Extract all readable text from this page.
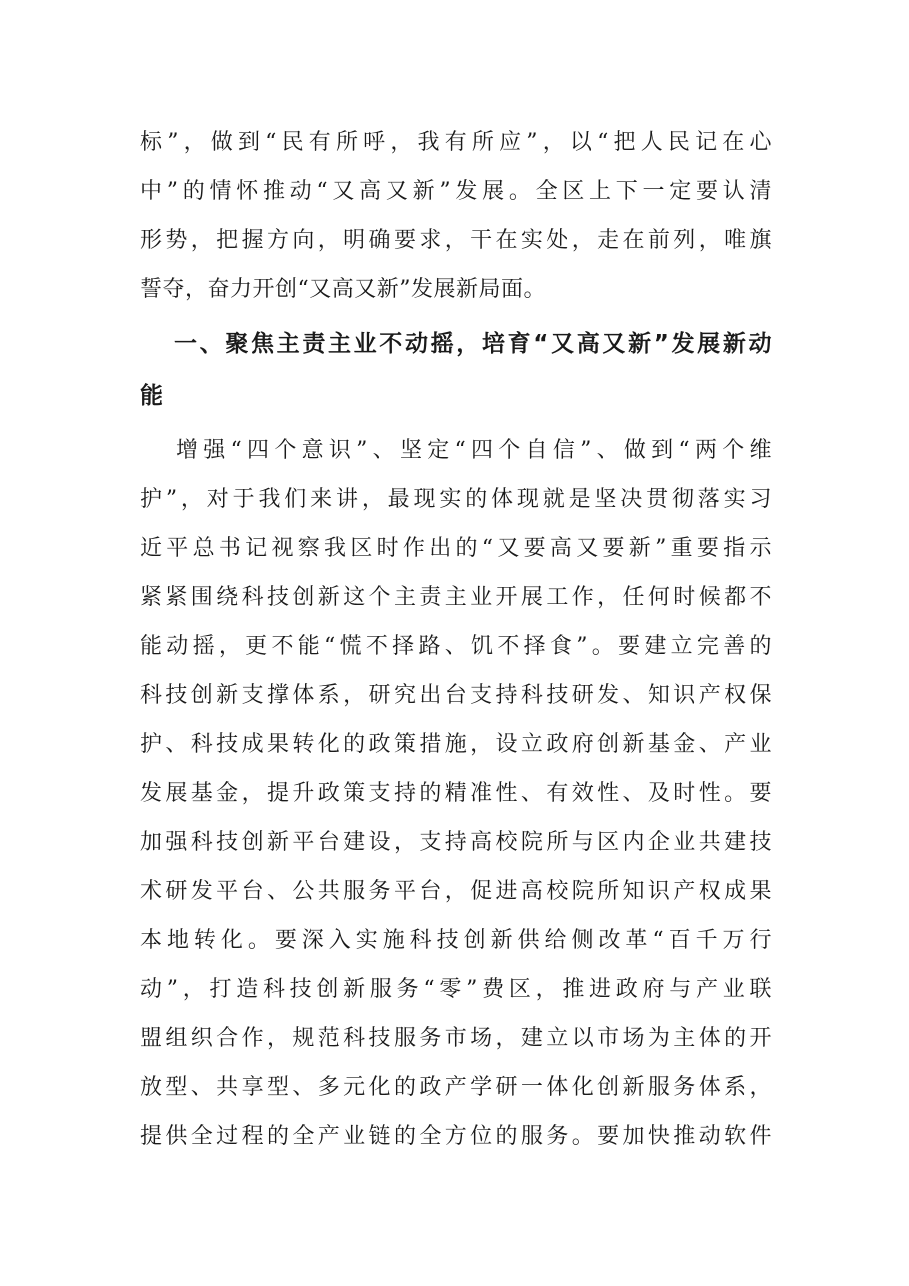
标”，做到“民有所呼，我有所应”，以“把人民记在心
中”的情怀推动“又高又新”发展。全区上下一定要认清
形势，把握方向，明确要求，干在实处，走在前列，唯旗
誓夺，奋力开创“又高又新”发展新局面。
一、聚焦主责主业不动摇，培育“又高又新”发展新动
能
增强“四个意识”、坚定“四个自信”、做到“两个维
护”，对于我们来讲，最现实的体现就是坚决贯彻落实习
近平总书记视察我区时作出的“又要高又要新”重要指示
紧紧围绕科技创新这个主责主业开展工作，任何时候都不
能动摇，更不能“慌不择路、饥不择食”。要建立完善的
科技创新支撑体系，研究出台支持科技研发、知识产权保
护、科技成果转化的政策措施，设立政府创新基金、产业
发展基金，提升政策支持的精准性、有效性、及时性。要
加强科技创新平台建设，支持高校院所与区内企业共建技
术研发平台、公共服务平台，促进高校院所知识产权成果
本地转化。要深入实施科技创新供给侧改革“百千万行
动”，打造科技创新服务“零”费区，推进政府与产业联
盟组织合作，规范科技服务市场，建立以市场为主体的开
放型、共享型、多元化的政产学研一体化创新服务体系，
提供全过程的全产业链的全方位的服务。要加快推动软件
